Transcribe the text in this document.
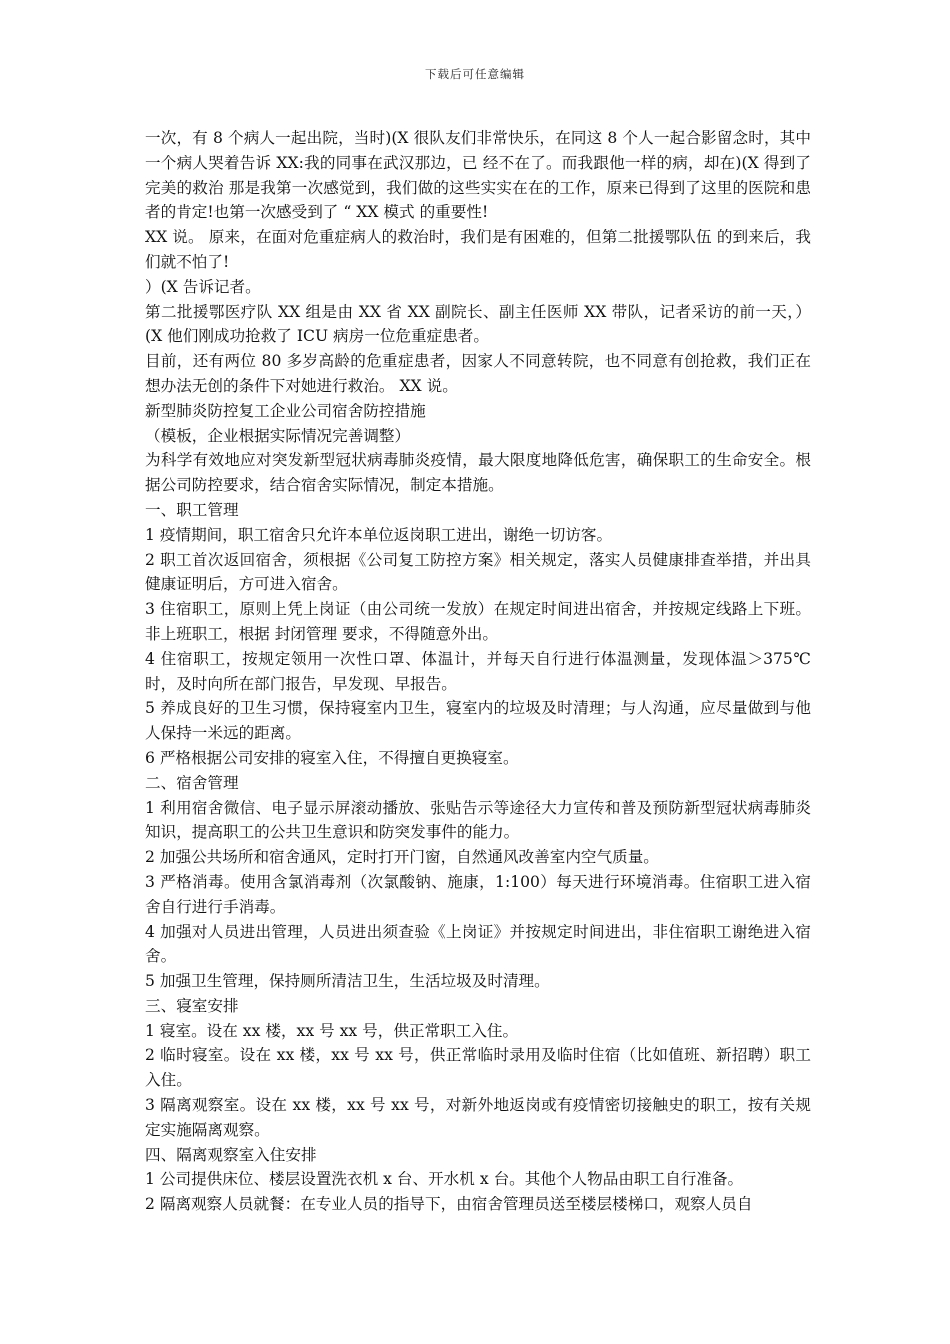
下载后可任意编辑

一次，有 8 个病人一起出院，当时)(X 很队友们非常快乐，在同这 8 个人一起合影留念时，其中一个病人哭着告诉 XX:我的同事在武汉那边，已 经不在了。而我跟他一样的病，却在)(X 得到了完美的救治 那是我第一次感觉到，我们做的这些实实在在的工作，原来已得到了这里的医院和患者的肯定!也第一次感受到了 “ XX 模式 的重要性!

XX 说。 原来，在面对危重症病人的救治时，我们是有困难的，但第二批援鄂队伍 的到来后，我们就不怕了!

）(X 告诉记者。

第二批援鄂医疗队 XX 组是由 XX 省 XX 副院长、副主任医师 XX 带队，记者采访的前一天，）(X 他们刚成功抢救了 ICU 病房一位危重症患者。

目前，还有两位 80 多岁高龄的危重症患者，因家人不同意转院，也不同意有创抢救，我们正在想办法无创的条件下对她进行救治。 XX 说。

新型肺炎防控复工企业公司宿舍防控措施

（模板，企业根据实际情况完善调整）

为科学有效地应对突发新型冠状病毒肺炎疫情，最大限度地降低危害，确保职工的生命安全。根据公司防控要求，结合宿舍实际情况，制定本措施。

一、职工管理

1 疫情期间，职工宿舍只允许本单位返岗职工进出，谢绝一切访客。

2 职工首次返回宿舍，须根据《公司复工防控方案》相关规定，落实人员健康排查举措，并出具健康证明后，方可进入宿舍。

3 住宿职工，原则上凭上岗证（由公司统一发放）在规定时间进出宿舍，并按规定线路上下班。非上班职工，根据 封闭管理 要求，不得随意外出。

4 住宿职工，按规定领用一次性口罩、体温计，并每天自行进行体温测量，发现体温＞375℃时，及时向所在部门报告，早发现、早报告。

5 养成良好的卫生习惯，保持寝室内卫生，寝室内的垃圾及时清理；与人沟通，应尽量做到与他人保持一米远的距离。

6 严格根据公司安排的寝室入住，不得擅自更换寝室。

二、宿舍管理

1 利用宿舍微信、电子显示屏滚动播放、张贴告示等途径大力宣传和普及预防新型冠状病毒肺炎知识，提高职工的公共卫生意识和防突发事件的能力。

2 加强公共场所和宿舍通风，定时打开门窗，自然通风改善室内空气质量。

3 严格消毒。使用含氯消毒剂（次氯酸钠、施康，1:100）每天进行环境消毒。住宿职工进入宿舍自行进行手消毒。

4 加强对人员进出管理，人员进出须查验《上岗证》并按规定时间进出，非住宿职工谢绝进入宿舍。

5 加强卫生管理，保持厕所清洁卫生，生活垃圾及时清理。

三、寝室安排

1 寝室。设在 xx 楼，xx 号 xx 号，供正常职工入住。

2 临时寝室。设在 xx 楼，xx 号 xx 号，供正常临时录用及临时住宿（比如值班、新招聘）职工入住。

3 隔离观察室。设在 xx 楼，xx 号 xx 号，对新外地返岗或有疫情密切接触史的职工，按有关规定实施隔离观察。

四、隔离观察室入住安排

1 公司提供床位、楼层设置洗衣机 x 台、开水机 x 台。其他个人物品由职工自行准备。

2 隔离观察人员就餐：在专业人员的指导下，由宿舍管理员送至楼层楼梯口，观察人员自
